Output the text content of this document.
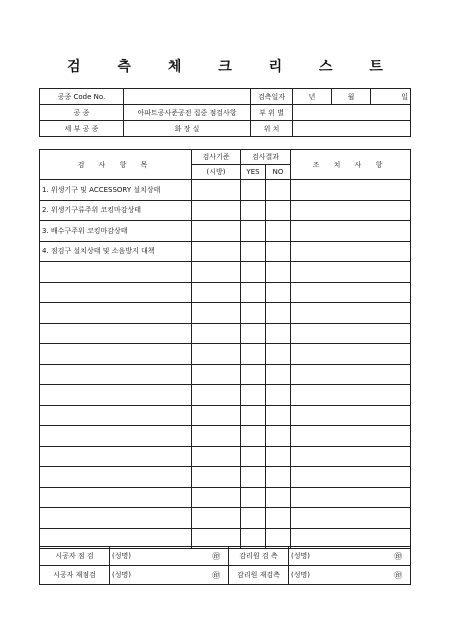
검 측 체 크 리 스 트
공종 Code No.		검측일자	년	월	일
공 종	아파트공사준공전 집중 점검사항	부 위 별			
세 부 공 종	화 장 실	위 치			
검 사 항 목	검사기준	검사결과		조 치 사 항
	(시방)	YES	NO	
1. 위생기구 및 ACCESSORY 설치상태				
2. 위생기구류주위 코킹마감상태				
3. 배수구주위 코킹마감상태				
4. 점검구 설치상태 및 소음방지 대책				

시공자 점 검	(성명)	㊞	감리원 검 측	(성명)	㊞
시공자 재점검	(성명)	㊞	감리원 재검측	(성명)	㊞
